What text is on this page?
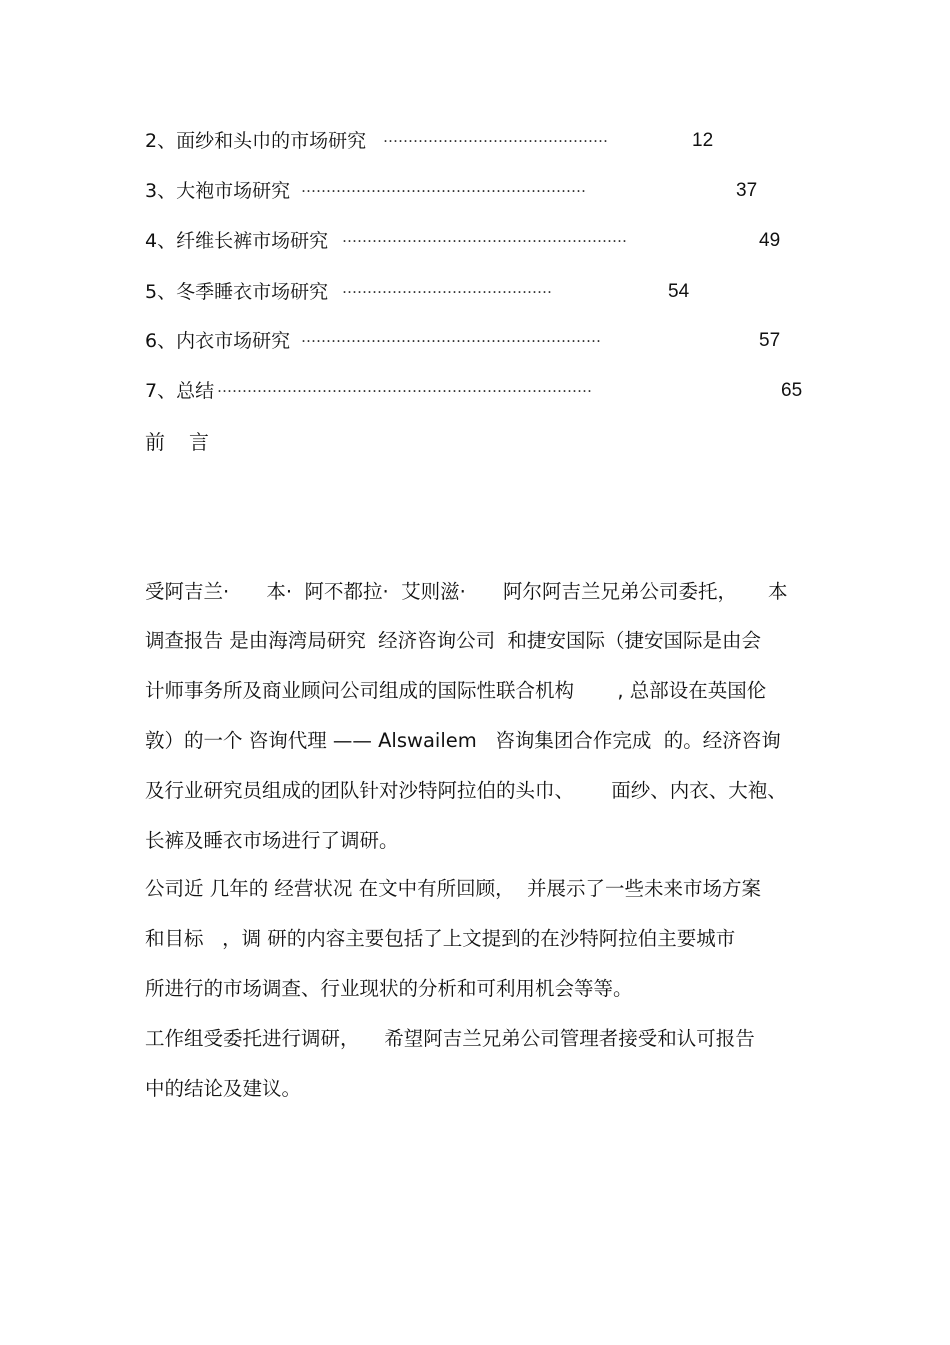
2、面纱和头巾的市场研究 ………………………………………	12
3、大袍市场研究 …………………………………………………	37
4、纤维长裤市场研究 …………………………………………………	49
5、冬季睡衣市场研究 ……………………………………	54
6、内衣市场研究 ……………………………………………………	57
7、总结 …………………………………………………………………	65
前言
受阿吉兰·      本·  阿不都拉·  艾则滋·      阿尔阿吉兰兄弟公司委托，     本
调查报告 是由海湾局研究  经济咨询公司  和捷安国际（捷安国际是由会
计师事务所及商业顾问公司组成的国际性联合机构       , 总部设在英国伦
敦）的一个 咨询代理 —— Alswailem   咨询集团合作完成  的。经济咨询
及行业研究员组成的团队针对沙特阿拉伯的头巾、      面纱、内衣、大袍、
长裤及睡衣市场进行了调研。
公司近 几年的 经营状况 在文中有所回顾，  并展示了一些未来市场方案
和目标   ，调 研的内容主要包括了上文提到的在沙特阿拉伯主要城市
所进行的市场调查、行业现状的分析和可利用机会等等。
工作组受委托进行调研，    希望阿吉兰兄弟公司管理者接受和认可报告
中的结论及建议。
